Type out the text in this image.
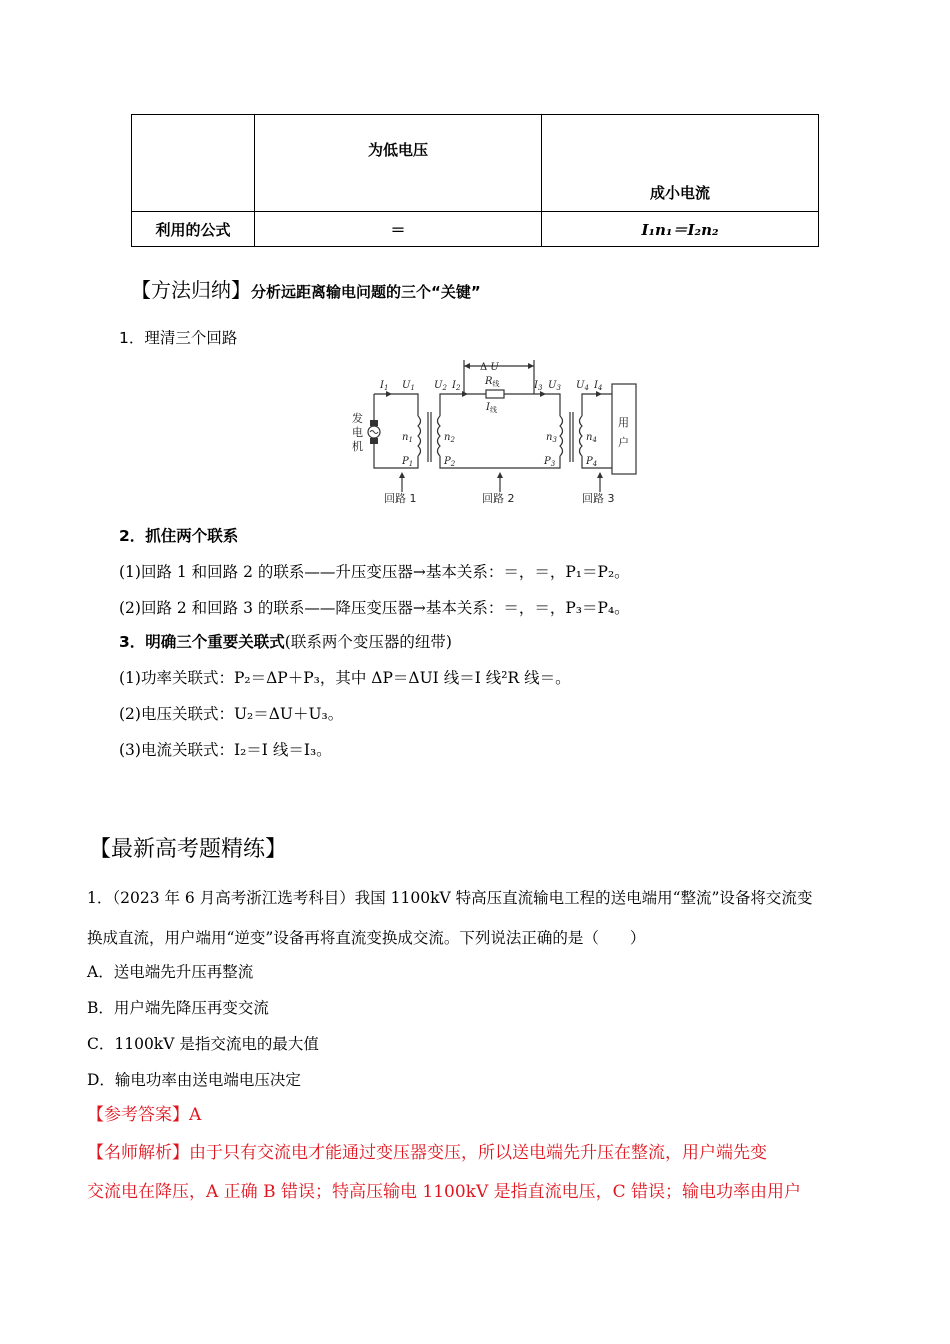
	为低电压	成小电流
利用的公式	＝	I₁n₁＝I₂n₂
【方法归纳】分析远距离输电问题的三个“关键”
1．理清三个回路
$I_1$ $U_1$ $U_2$ $I_2$
Δ U
$R_线$
$I_线$
$I_3$ $U_3$ $U_4$ $I_4$
$n_1$	$n_2$	$n_3$	$n_4$
$P_1$	$P_2$	$P_3$	$P_4$
发
电
机
用
户
回路 1	回路 2	回路 3
2．抓住两个联系
(1)回路 1 和回路 2 的联系——升压变压器→基本关系：＝，＝，P₁＝P₂。
(2)回路 2 和回路 3 的联系——降压变压器→基本关系：＝，＝，P₃＝P₄。
3．明确三个重要关联式(联系两个变压器的纽带)
(1)功率关联式：P₂＝ΔP＋P₃，其中 ΔP＝ΔUI 线＝I 线²R 线＝。
(2)电压关联式：U₂＝ΔU＋U₃。
(3)电流关联式：I₂＝I 线＝I₃。
【最新高考题精练】
1．（2023 年 6 月高考浙江选考科目）我国 1100kV 特高压直流输电工程的送电端用“整流”设备将交流变
换成直流，用户端用“逆变”设备再将直流变换成交流。下列说法正确的是（　　）
A．送电端先升压再整流
B．用户端先降压再变交流
C．1100kV 是指交流电的最大值
D．输电功率由送电端电压决定
【参考答案】A
【名师解析】由于只有交流电才能通过变压器变压，所以送电端先升压在整流，用户端先变
交流电在降压，A 正确 B 错误；特高压输电 1100kV 是指直流电压，C 错误；输电功率由用户
